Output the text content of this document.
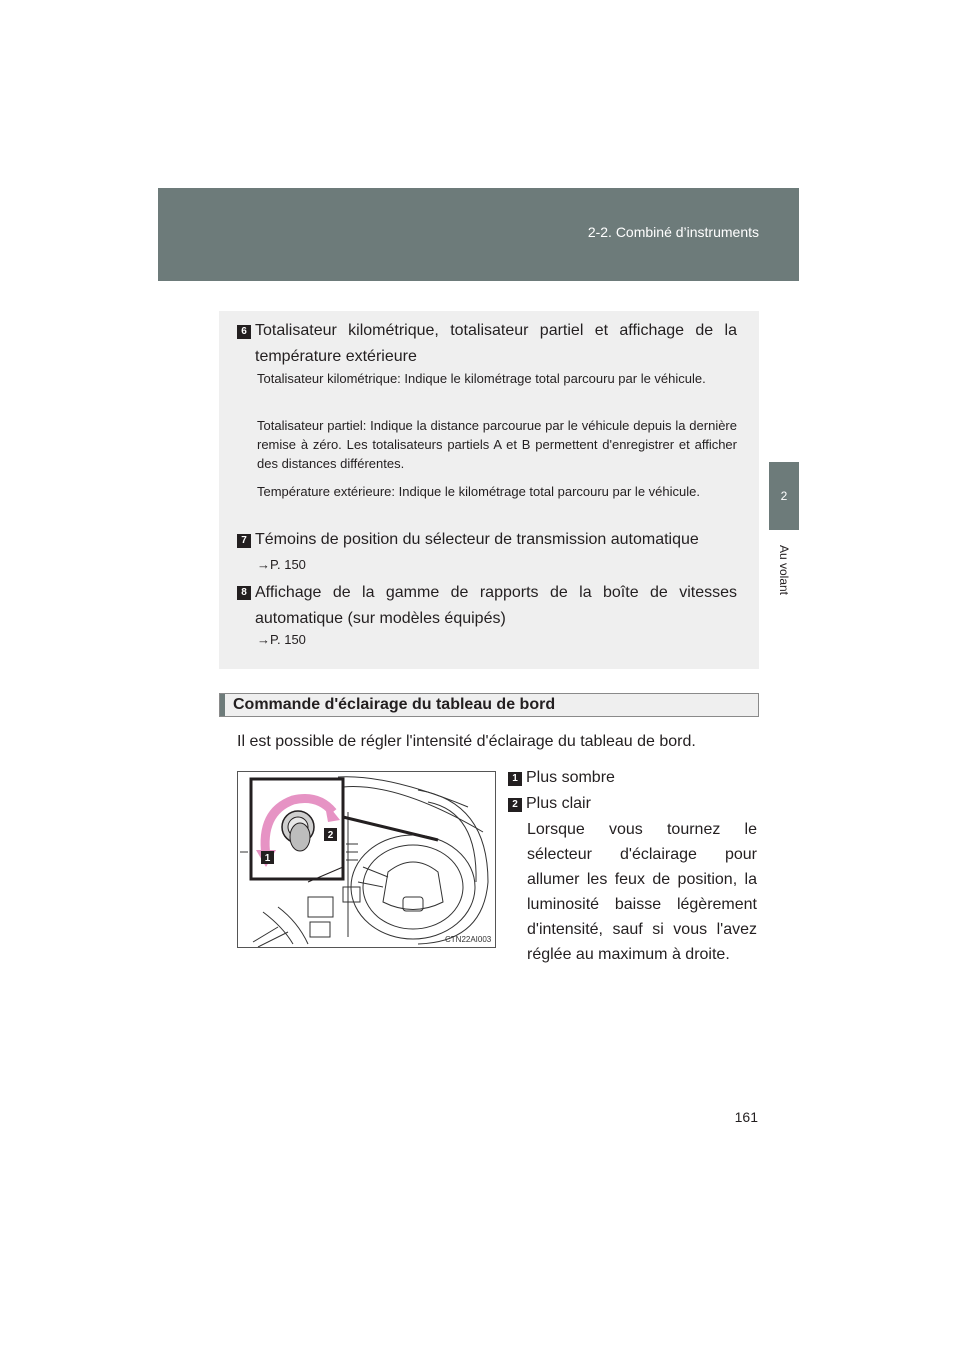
2-2. Combiné d’instruments
2
Au volant
6 Totalisateur kilométrique, totalisateur partiel et affichage de la température extérieure
Totalisateur kilométrique: Indique le kilométrage total parcouru par le véhicule.
Totalisateur partiel: Indique la distance parcourue par le véhicule depuis la dernière remise à zéro. Les totalisateurs partiels A et B permettent d'enregistrer et afficher des distances différentes.
Température extérieure: Indique le kilométrage total parcouru par le véhicule.
7 Témoins de position du sélecteur de transmission automatique
→P. 150
8 Affichage de la gamme de rapports de la boîte de vitesses automatique (sur modèles équipés)
→P. 150
Commande d'éclairage du tableau de bord
Il est possible de régler l'intensité d'éclairage du tableau de bord.
1
2
CTN22AI003
1 Plus sombre
2 Plus clair
Lorsque vous tournez le sélecteur d'éclairage pour allumer les feux de position, la luminosité baisse légèrement d'intensité, sauf si vous l'avez réglée au maximum à droite.
161
